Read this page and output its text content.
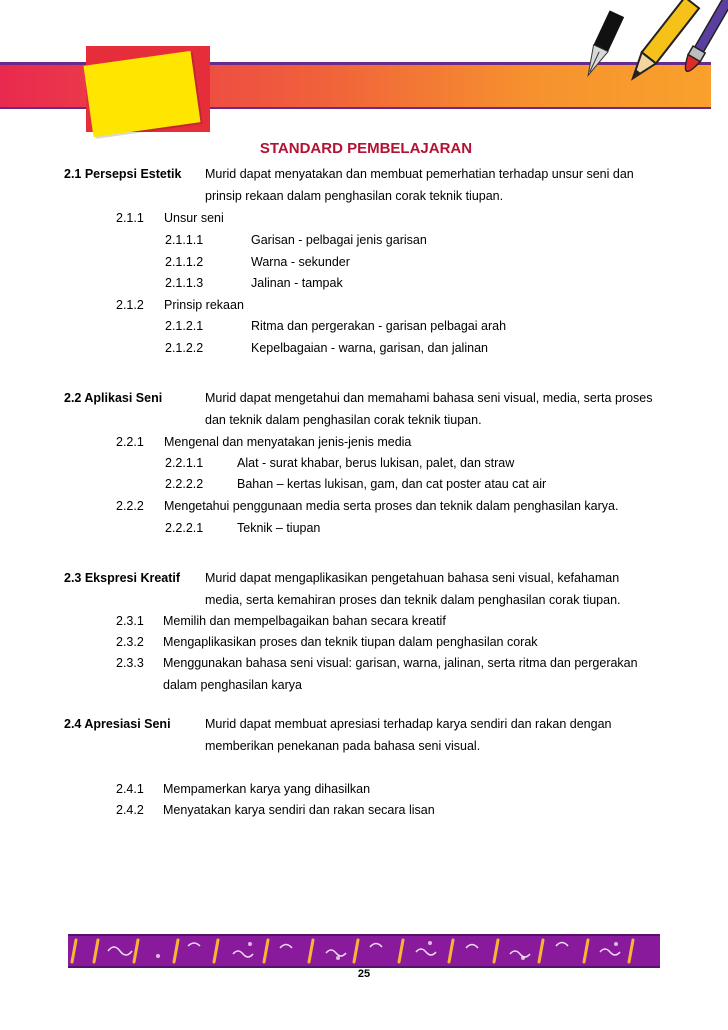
STANDARD PEMBELAJARAN
2.1 Persepsi Estetik Murid dapat menyatakan dan membuat pemerhatian terhadap unsur seni dan
prinsip rekaan dalam penghasilan corak teknik tiupan.
2.1.1 Unsur seni
2.1.1.1	Garisan - pelbagai jenis garisan
2.1.1.2	Warna - sekunder
2.1.1.3	Jalinan - tampak
2.1.2 Prinsip rekaan
2.1.2.1	Ritma dan pergerakan - garisan pelbagai arah
2.1.2.2	Kepelbagaian - warna, garisan, dan jalinan
2.2 Aplikasi Seni	Murid dapat mengetahui dan memahami bahasa seni visual, media, serta proses
dan teknik dalam penghasilan corak teknik tiupan.
2.2.1 Mengenal dan menyatakan jenis-jenis media
2.2.1.1	Alat - surat khabar, berus lukisan, palet, dan straw
2.2.2.2	Bahan – kertas lukisan, gam, dan cat poster atau cat air
2.2.2 Mengetahui penggunaan media serta proses dan teknik dalam penghasilan karya.
2.2.2.1	Teknik – tiupan
2.3 Ekspresi Kreatif Murid dapat mengaplikasikan pengetahuan bahasa seni visual, kefahaman
media, serta kemahiran proses dan teknik dalam penghasilan corak tiupan.
2.3.1 Memilih dan mempelbagaikan bahan secara kreatif
2.3.2 Mengaplikasikan proses dan teknik tiupan dalam penghasilan corak
2.3.3 Menggunakan bahasa seni visual: garisan, warna, jalinan, serta ritma dan pergerakan
dalam penghasilan karya
2.4 Apresiasi Seni	Murid dapat membuat apresiasi terhadap karya sendiri dan rakan dengan
memberikan penekanan pada bahasa seni visual.
2.4.1 Mempamerkan karya yang dihasilkan
2.4.2 Menyatakan karya sendiri dan rakan secara lisan
25
